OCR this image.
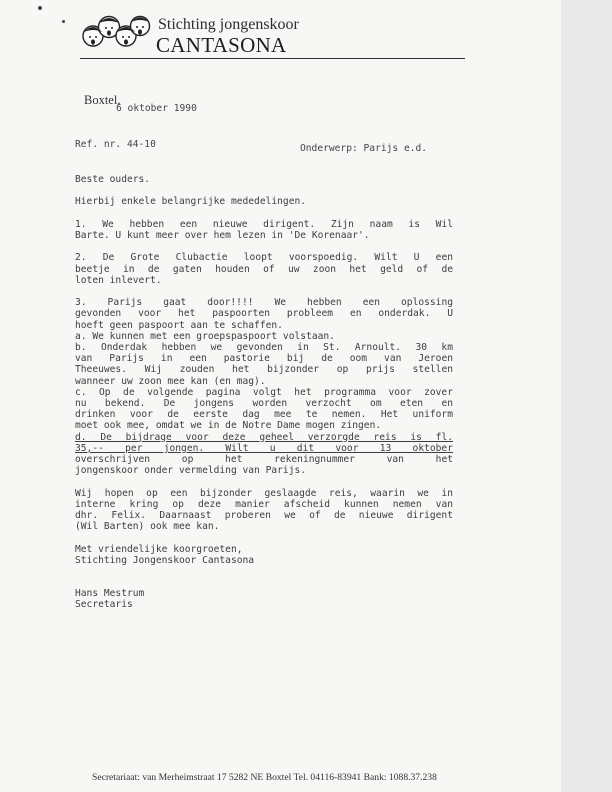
Stichting jongenskoor
CANTASONA
Boxtel,
6 oktober 1990
Ref. nr. 44-10	Onderwerp: Parijs e.d.

Beste ouders.

Hierbij enkele belangrijke mededelingen.

1. We hebben een nieuwe dirigent. Zijn naam is Wil
Barte. U kunt meer over hem lezen in 'De Korenaar'.

2. De Grote Clubactie loopt voorspoedig. Wilt U een
beetje in de gaten houden of uw zoon het geld of de
loten inlevert.

3. Parijs gaat door!!!! We hebben een oplossing
gevonden voor het paspoorten probleem en onderdak. U
hoeft geen paspoort aan te schaffen.
a. We kunnen met een groepspaspoort volstaan.
b. Onderdak hebben we gevonden in St. Arnoult. 30 km
van Parijs in een pastorie bij de oom van Jeroen
Theeuwes. Wij zouden het bijzonder op prijs stellen
wanneer uw zoon mee kan (en mag).
c. Op de volgende pagina volgt het programma voor zover
nu bekend. De jongens worden verzocht om eten en
drinken voor de eerste dag mee te nemen. Het uniform
moet ook mee, omdat we in de Notre Dame mogen zingen.
d. De bijdrage voor deze geheel verzorgde reis is fl.
35,-- per jongen. Wilt u dit voor 13 oktober
overschrijven op het rekeningnummer van het
jongenskoor onder vermelding van Parijs.

Wij hopen op een bijzonder geslaagde reis, waarin we in
interne kring op deze manier afscheid kunnen nemen van
dhr. Felix. Daarnaast proberen we of de nieuwe dirigent
(Wil Barten) ook mee kan.

Met vriendelijke koorgroeten,
Stichting Jongenskoor Cantasona

Hans Mestrum
Secretaris

Secretariaat: van Merheimstraat 17 5282 NE Boxtel Tel. 04116-83941 Bank: 1088.37.238
